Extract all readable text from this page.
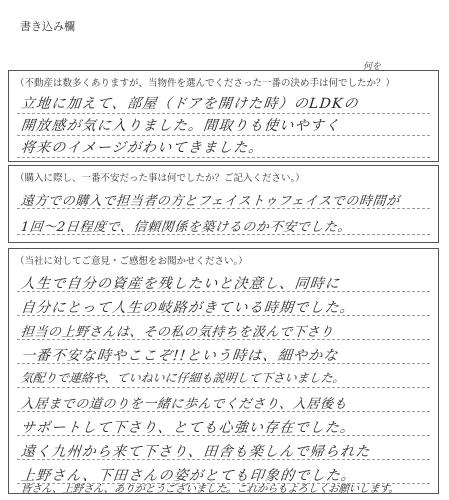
書き込み欄
（不動産は数多くありますが、当物件を選んでくださった一番の決め手は何でしたか？）
何を
立地に加えて、部屋（ドアを開けた時）のLDKの
開放感が気に入りました。間取りも使いやすく
将来のイメージがわいてきました。
（購入に際し、一番不安だった事は何でしたか？ご記入ください。）
遠方での購入で担当者の方とフェイストゥフェイスでの時間が
1回〜2日程度で、信頼関係を築けるのか不安でした。
（当社に対してご意見・ご感想をお聞かせください。）
人生で自分の資産を残したいと決意し、同時に
自分にとって人生の岐路がきている時期でした。
担当の上野さんは、その私の気持ちを汲んで下さり
一番不安な時やここぞ!!という時は、細やかな
気配りで連絡や、ていねいに仔細も説明して下さいました。
入居までの道のりを一緒に歩んでくださり、入居後も
サポートして下さり、とても心強い存在でした。
遠く九州から来て下さり、田舎も楽しんで帰られた
上野さん、下田さんの姿がとても印象的でした。
皆さん、上野さん、ありがとうございました。これからもよろしくお願いします。
